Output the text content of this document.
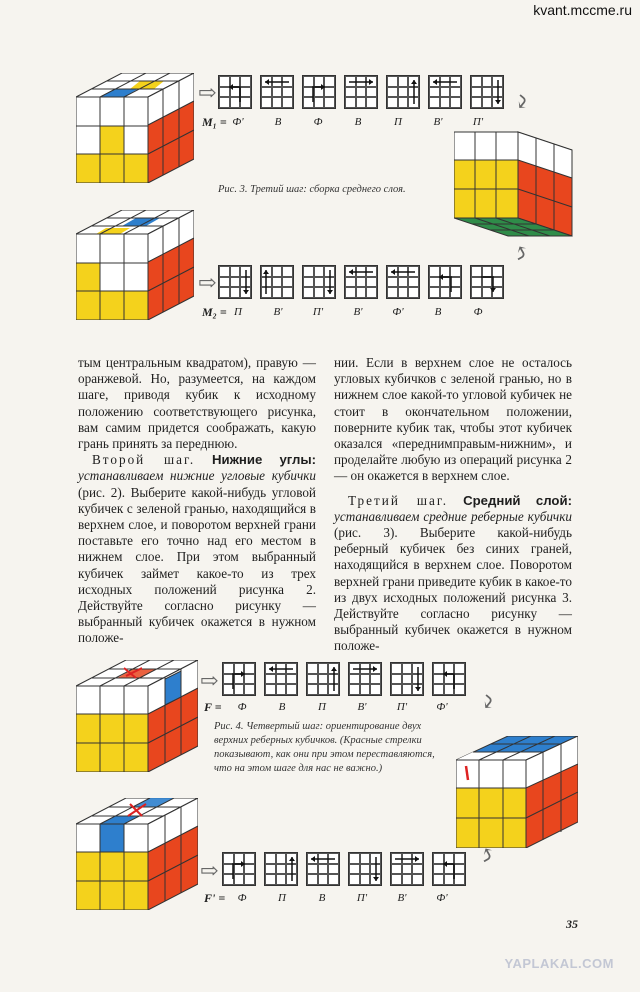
kvant.mccme.ru
⇨
M₁ = Ф'	В	Ф	В	П	В'	П'
⤵
Рис. 3. Третий шаг: сборка среднего слоя.
⇨
M₂ = П	В'	П'	В'	Ф'	В	Ф
⤴

тым центральным квадратом), правую — оранжевой. Но, разумеется, на каждом шаге, приводя кубик к исходному положению соответствующего рисунка, вам самим придется соображать, какую грань принять за переднюю.

Второй шаг. Нижние углы: устанавливаем нижние угловые кубички (рис. 2). Выберите какой-нибудь угловой кубичек с зеленой гранью, находящийся в верхнем слое, и поворотом верхней грани поставьте его точно над его местом в нижнем слое. При этом выбранный кубичек займет какое-то из трех исходных положений рисунка 2. Действуйте согласно рисунку — выбранный кубичек окажется в нужном положе-

нии. Если в верхнем слое не осталось угловых кубичков с зеленой гранью, но в нижнем слое какой-то угловой кубичек не стоит в окончательном положении, поверните кубик так, чтобы этот кубичек оказался «переднимправым-нижним», и проделайте любую из операций рисунка 2 — он окажется в верхнем слое.

Третий шаг. Средний слой: устанавливаем средние реберные кубички (рис. 3). Выберите какой-нибудь реберный кубичек без синих граней, находящийся в верхнем слое. Поворотом верхней грани приведите кубик в какое-то из двух исходных положений рисунка 3. Действуйте согласно рисунку — выбранный кубичек окажется в нужном положе-

⇨
F =	Ф	В	П	В'	П'	Ф'	⤵
Рис. 4. Четвертый шаг: ориентирование двух верхних реберных кубичков. (Красные стрелки показывают, как они при этом переставляются, что на этом шаге для нас не важно.)
⇨
F' =	Ф	П	В	П'	В'	Ф'
⤴
35
YAPLAKAL.COM
